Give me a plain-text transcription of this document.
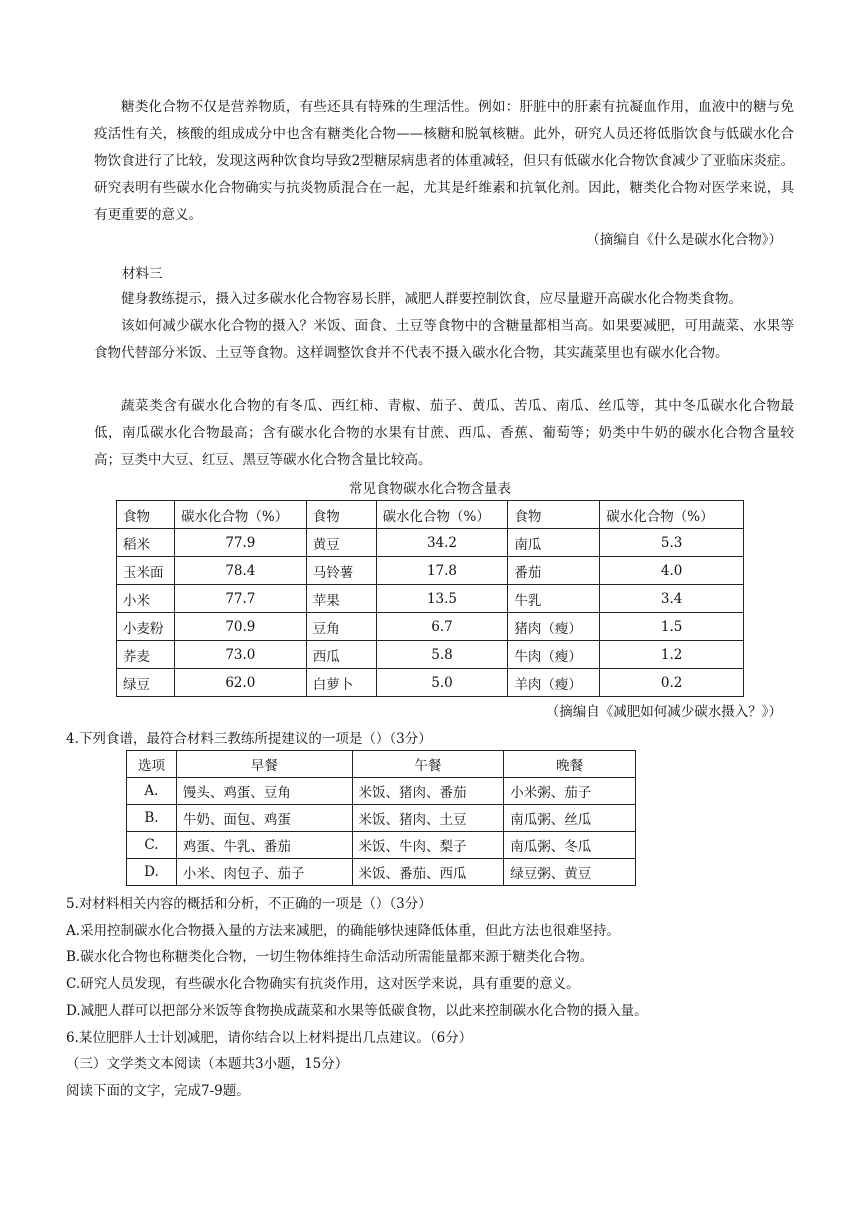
糖类化合物不仅是营养物质，有些还具有特殊的生理活性。例如：肝脏中的肝素有抗凝血作用，血液中的糖与免疫活性有关，核酸的组成成分中也含有糖类化合物——核糖和脱氧核糖。此外，研究人员还将低脂饮食与低碳水化合物饮食进行了比较，发现这两种饮食均导致2型糖尿病患者的体重减轻，但只有低碳水化合物饮食减少了亚临床炎症。研究表明有些碳水化合物确实与抗炎物质混合在一起，尤其是纤维素和抗氧化剂。因此，糖类化合物对医学来说，具有更重要的意义。
（摘编自《什么是碳水化合物》）
材料三
健身教练提示，摄入过多碳水化合物容易长胖，减肥人群要控制饮食，应尽量避开高碳水化合物类食物。
该如何减少碳水化合物的摄入？米饭、面食、土豆等食物中的含糖量都相当高。如果要减肥，可用蔬菜、水果等食物代替部分米饭、土豆等食物。这样调整饮食并不代表不摄入碳水化合物，其实蔬菜里也有碳水化合物。
蔬菜类含有碳水化合物的有冬瓜、西红柿、青椒、茄子、黄瓜、苦瓜、南瓜、丝瓜等，其中冬瓜碳水化合物最低，南瓜碳水化合物最高；含有碳水化合物的水果有甘蔗、西瓜、香蕉、葡萄等；奶类中牛奶的碳水化合物含量较高；豆类中大豆、红豆、黑豆等碳水化合物含量比较高。
常见食物碳水化合物含量表
食物	碳水化合物（%）	食物	碳水化合物（%）	食物	碳水化合物（%）
稻米	77.9	黄豆	34.2	南瓜	5.3
玉米面	78.4	马铃薯	17.8	番茄	4.0
小米	77.7	苹果	13.5	牛乳	3.4
小麦粉	70.9	豆角	6.7	猪肉（瘦）	1.5
荞麦	73.0	西瓜	5.8	牛肉（瘦）	1.2
绿豆	62.0	白萝卜	5.0	羊肉（瘦）	0.2
（摘编自《减肥如何减少碳水摄入？》）
4.下列食谱，最符合材料三教练所提建议的一项是（）（3分）
选项	早餐	午餐	晚餐
A.	馒头、鸡蛋、豆角	米饭、猪肉、番茄	小米粥、茄子
B.	牛奶、面包、鸡蛋	米饭、猪肉、土豆	南瓜粥、丝瓜
C.	鸡蛋、牛乳、番茄	米饭、牛肉、梨子	南瓜粥、冬瓜
D.	小米、肉包子、茄子	米饭、番茄、西瓜	绿豆粥、黄豆
5.对材料相关内容的概括和分析，不正确的一项是（）（3分）
A.采用控制碳水化合物摄入量的方法来减肥，的确能够快速降低体重，但此方法也很难坚持。
B.碳水化合物也称糖类化合物，一切生物体维持生命活动所需能量都来源于糖类化合物。
C.研究人员发现，有些碳水化合物确实有抗炎作用，这对医学来说，具有重要的意义。
D.减肥人群可以把部分米饭等食物换成蔬菜和水果等低碳食物，以此来控制碳水化合物的摄入量。
6.某位肥胖人士计划减肥，请你结合以上材料提出几点建议。（6分）
（三）文学类文本阅读（本题共3小题，15分）
阅读下面的文字，完成7-9题。
